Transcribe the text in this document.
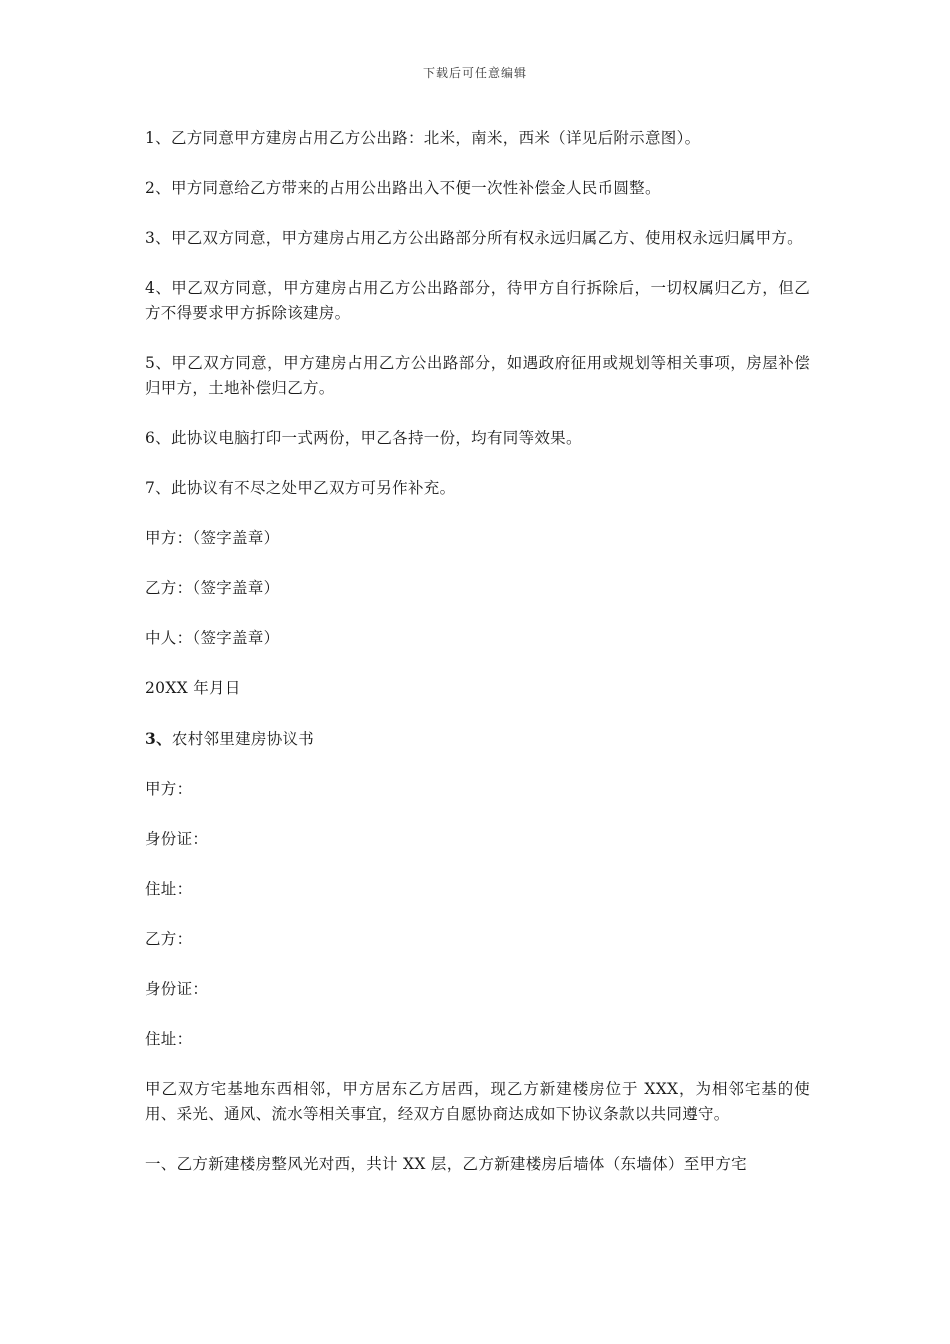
下载后可任意编辑

1、乙方同意甲方建房占用乙方公出路：北米，南米，西米（详见后附示意图）。

2、甲方同意给乙方带来的占用公出路出入不便一次性补偿金人民币圆整。

3、甲乙双方同意，甲方建房占用乙方公出路部分所有权永远归属乙方、使用权永远归属甲方。

4、甲乙双方同意，甲方建房占用乙方公出路部分，待甲方自行拆除后，一切权属归乙方，但乙方不得要求甲方拆除该建房。

5、甲乙双方同意，甲方建房占用乙方公出路部分，如遇政府征用或规划等相关事项，房屋补偿归甲方，土地补偿归乙方。

6、此协议电脑打印一式两份，甲乙各持一份，均有同等效果。

7、此协议有不尽之处甲乙双方可另作补充。

甲方：（签字盖章）

乙方：（签字盖章）

中人：（签字盖章）

20XX 年月日

3、农村邻里建房协议书

甲方：

身份证：

住址：

乙方：

身份证：

住址：

甲乙双方宅基地东西相邻，甲方居东乙方居西，现乙方新建楼房位于 XXX，为相邻宅基的使用、采光、通风、流水等相关事宜，经双方自愿协商达成如下协议条款以共同遵守。

一、乙方新建楼房整风光对西，共计 XX 层，乙方新建楼房后墙体（东墙体）至甲方宅
